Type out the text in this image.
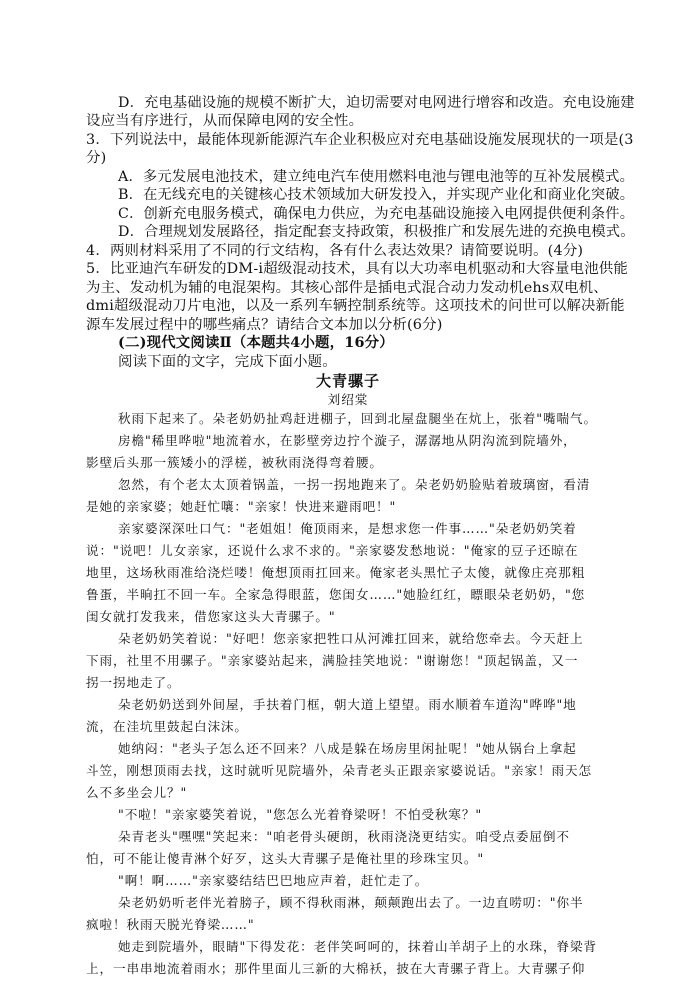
D．充电基础设施的规模不断扩大，迫切需要对电网进行增容和改造。充电设施建
设应当有序进行，从而保障电网的安全性。
3．下列说法中，最能体现新能源汽车企业积极应对充电基础设施发展现状的一项是(3
分)
A．多元发展电池技术，建立纯电汽车使用燃料电池与锂电池等的互补发展模式。
B．在无线充电的关键核心技术领域加大研发投入，并实现产业化和商业化突破。
C．创新充电服务模式，确保电力供应，为充电基础设施接入电网提供便利条件。
D．合理规划发展路径，指定配套支持政策，积极推广和发展先进的充换电模式。
4．两则材料采用了不同的行文结构，各有什么表达效果？请简要说明。(4分)
5．比亚迪汽车研发的DM-i超级混动技术，具有以大功率电机驱动和大容量电池供能
为主、发动机为辅的电混架构。其核心部件是插电式混合动力发动机ehs双电机、
dmi超级混动刀片电池，以及一系列车辆控制系统等。这项技术的问世可以解决新能
源车发展过程中的哪些痛点？请结合文本加以分析(6分)
(二)现代文阅读Ⅱ（本题共4小题，16分）
阅读下面的文字，完成下面小题。
大青骡子
刘绍棠
秋雨下起来了。朵老奶奶扯鸡赶进棚子，回到北屋盘腿坐在炕上，张着"嘴喘气。
房檐"稀里哗啦"地流着水，在影壁旁边拧个漩子，潺潺地从阴沟流到院墙外，
影壁后头那一簇矮小的浮槎，被秋雨浇得弯着腰。
忽然，有个老太太顶着锅盖，一拐一拐地跑来了。朵老奶奶脸贴着玻璃窗，看清
是她的亲家婆；她赶忙嚷："亲家！快进来避雨吧！"
亲家婆深深吐口气："老姐姐！俺顶雨来，是想求您一件事……"朵老奶奶笑着
说："说吧！儿女亲家，还说什么求不求的。"亲家婆发愁地说："俺家的豆子还晾在
地里，这场秋雨准给浇烂喽！俺想顶雨扛回来。俺家老头黑忙子太傻，就像庄亮那粗
鲁蛋，半晌扛不回一车。全家急得眼蓝，您闺女……"她脸红红，瞟眼朵老奶奶，"您
闺女就打发我来，借您家这头大青骡子。"
朵老奶奶笑着说："好吧！您亲家把牲口从河滩扛回来，就给您牵去。今天赶上
下雨，社里不用骡子。"亲家婆站起来，满脸挂笑地说："谢谢您！"顶起锅盖，又一
拐一拐地走了。
朵老奶奶送到外间屋，手扶着门框，朝大道上望望。雨水顺着车道沟"哗哗"地
流，在洼坑里鼓起白沫沫。
她纳闷："老头子怎么还不回来？八成是躲在场房里闲扯呢！"她从锅台上拿起
斗笠，刚想顶雨去找，这时就听见院墙外，朵青老头正跟亲家婆说话。"亲家！雨天怎
么不多坐会儿？"
"不啦！"亲家婆笑着说，"您怎么光着脊梁呀！不怕受秋寒？"
朵青老头"嘿嘿"笑起来："咱老骨头硬朗，秋雨浇浇更结实。咱受点委屈倒不
怕，可不能让傻青淋个好歹，这头大青骡子是俺社里的珍珠宝贝。"
"啊！啊……"亲家婆结结巴巴地应声着，赶忙走了。
朵老奶奶听老伴光着膀子，顾不得秋雨淋，颠颠跑出去了。一边直唠叨："你半
疯啦！秋雨天脱光脊梁……"
她走到院墙外，眼睛"下得发花：老伴笑呵呵的，抹着山羊胡子上的水珠，脊梁背
上，一串串地流着雨水；那件里面儿三新的大棉袄，披在大青骡子背上。大青骡子仰
